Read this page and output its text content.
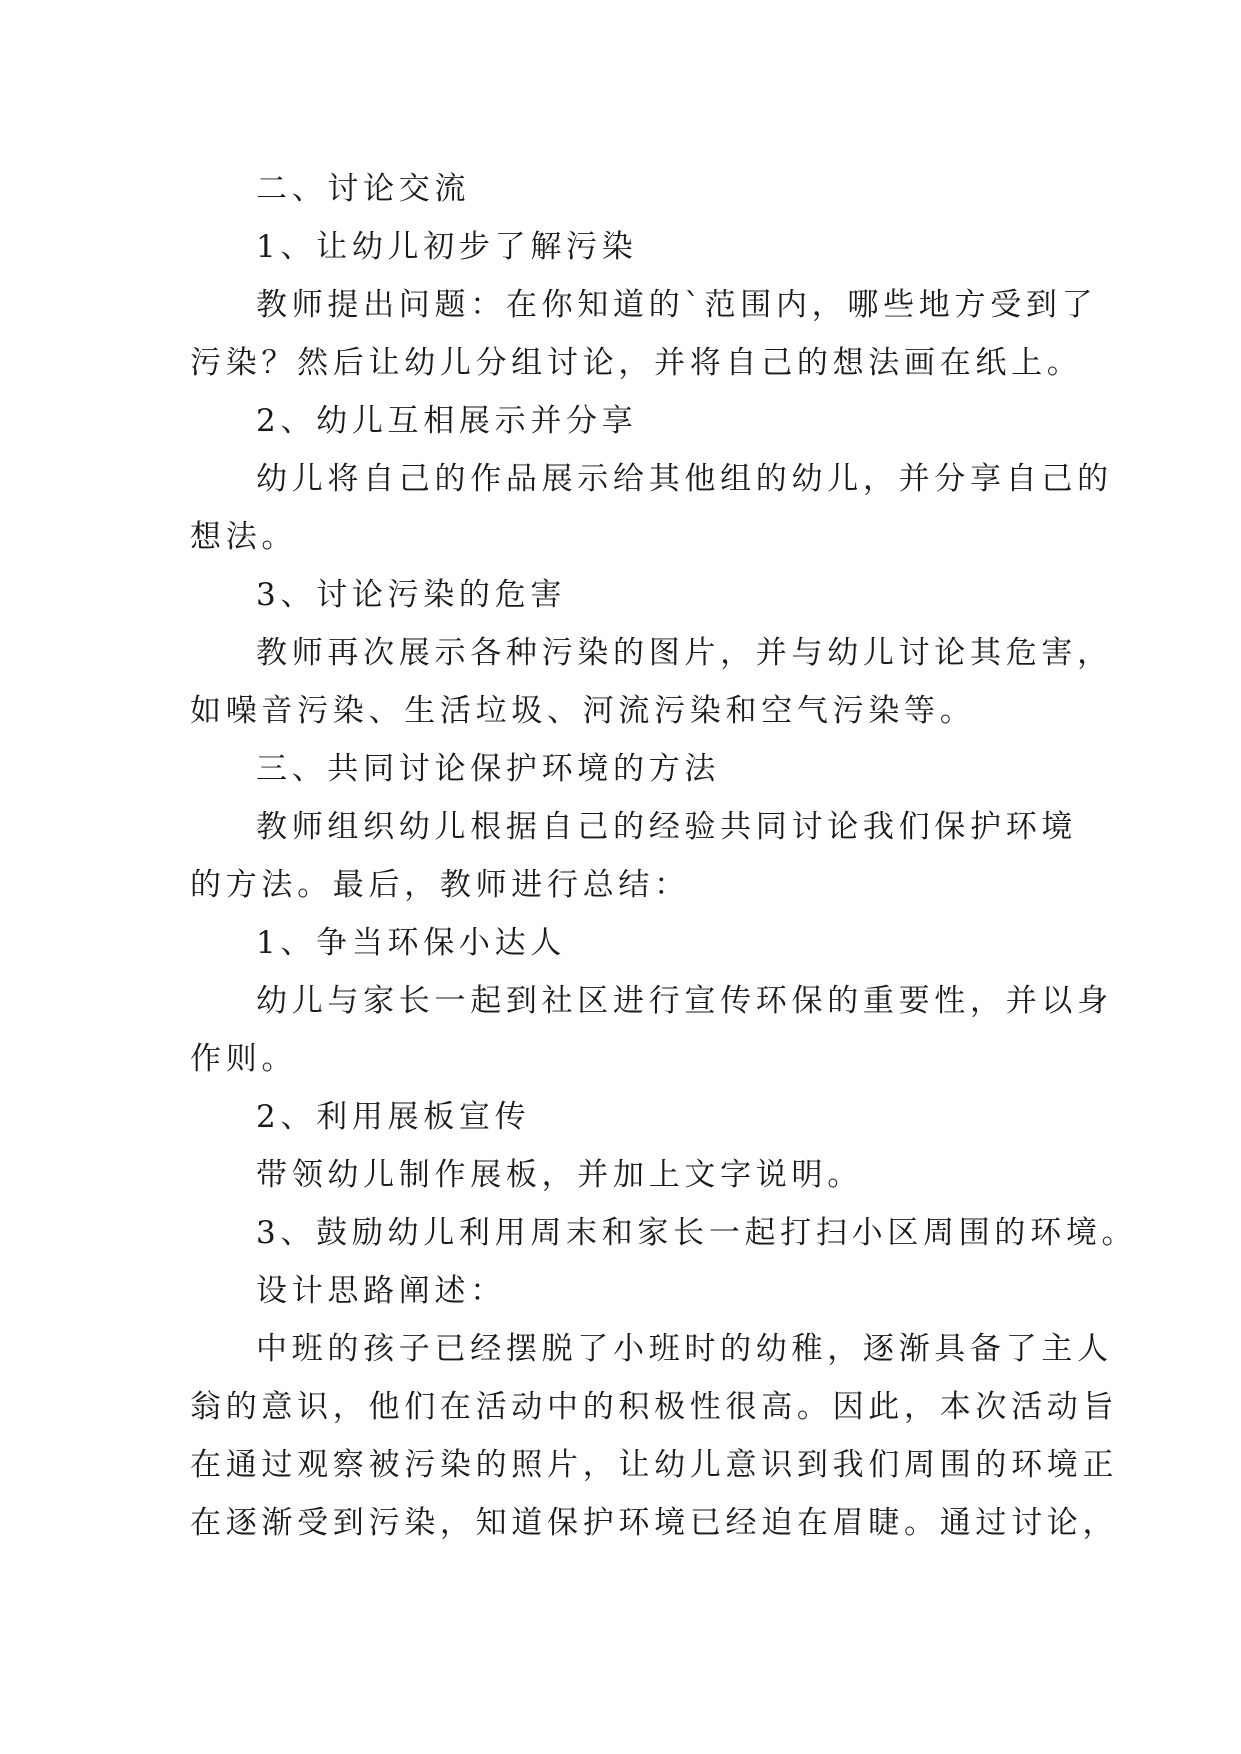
二、讨论交流

1、让幼儿初步了解污染

教师提出问题：在你知道的`范围内，哪些地方受到了

污染？然后让幼儿分组讨论，并将自己的想法画在纸上。

2、幼儿互相展示并分享

幼儿将自己的作品展示给其他组的幼儿，并分享自己的

想法。

3、讨论污染的危害

教师再次展示各种污染的图片，并与幼儿讨论其危害，

如噪音污染、生活垃圾、河流污染和空气污染等。

三、共同讨论保护环境的方法

教师组织幼儿根据自己的经验共同讨论我们保护环境

的方法。最后，教师进行总结：

1、争当环保小达人

幼儿与家长一起到社区进行宣传环保的重要性，并以身

作则。

2、利用展板宣传

带领幼儿制作展板，并加上文字说明。

3、鼓励幼儿利用周末和家长一起打扫小区周围的环境。

设计思路阐述：

中班的孩子已经摆脱了小班时的幼稚，逐渐具备了主人

翁的意识，他们在活动中的积极性很高。因此，本次活动旨

在通过观察被污染的照片，让幼儿意识到我们周围的环境正

在逐渐受到污染，知道保护环境已经迫在眉睫。通过讨论，
